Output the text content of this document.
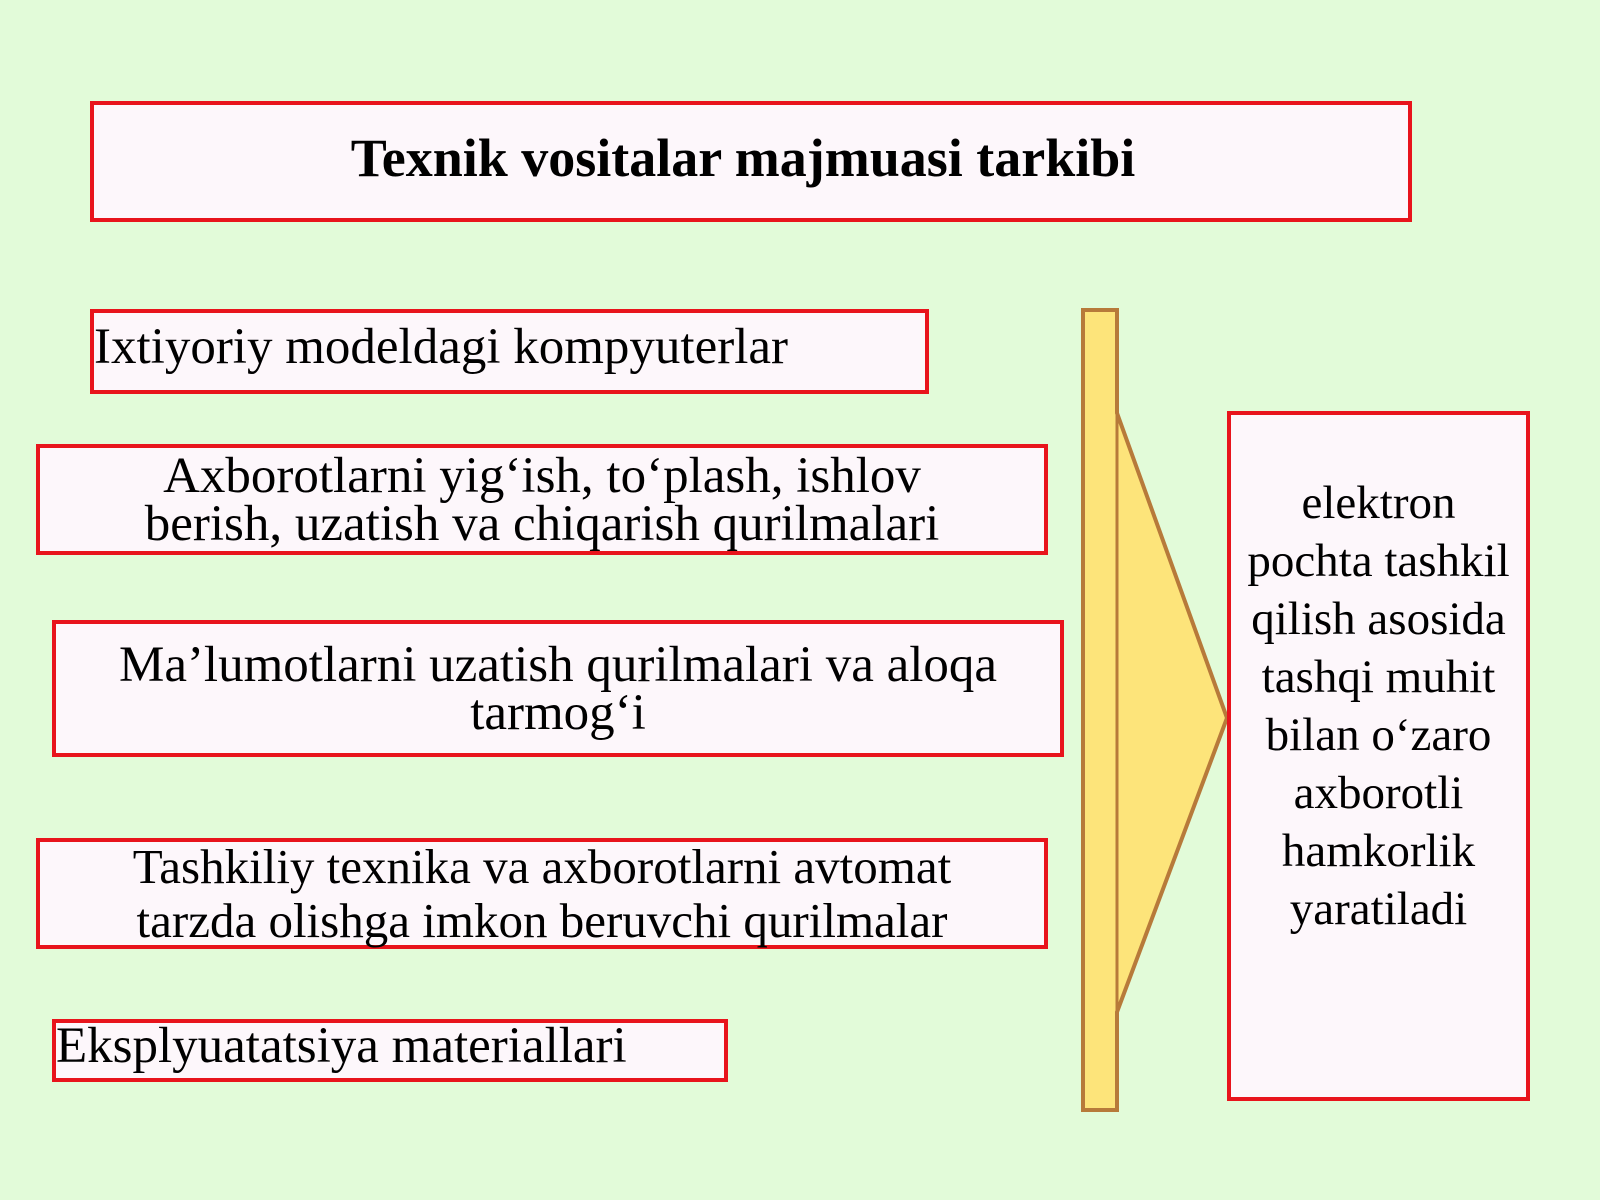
Texnik vositalar majmuasi tarkibi
Ixtiyoriy modeldagi kompyuterlar
Axborotlarni yig‘ish, to‘plash, ishlov
berish, uzatish va chiqarish qurilmalari
Ma’lumotlarni uzatish qurilmalari va aloqa
tarmog‘i
Tashkiliy texnika va axborotlarni avtomat
tarzda olishga imkon beruvchi qurilmalar
Eksplyuatatsiya materiallari
elektron
pochta tashkil
qilish asosida
tashqi muhit
bilan o‘zaro
axborotli
hamkorlik
yaratiladi
